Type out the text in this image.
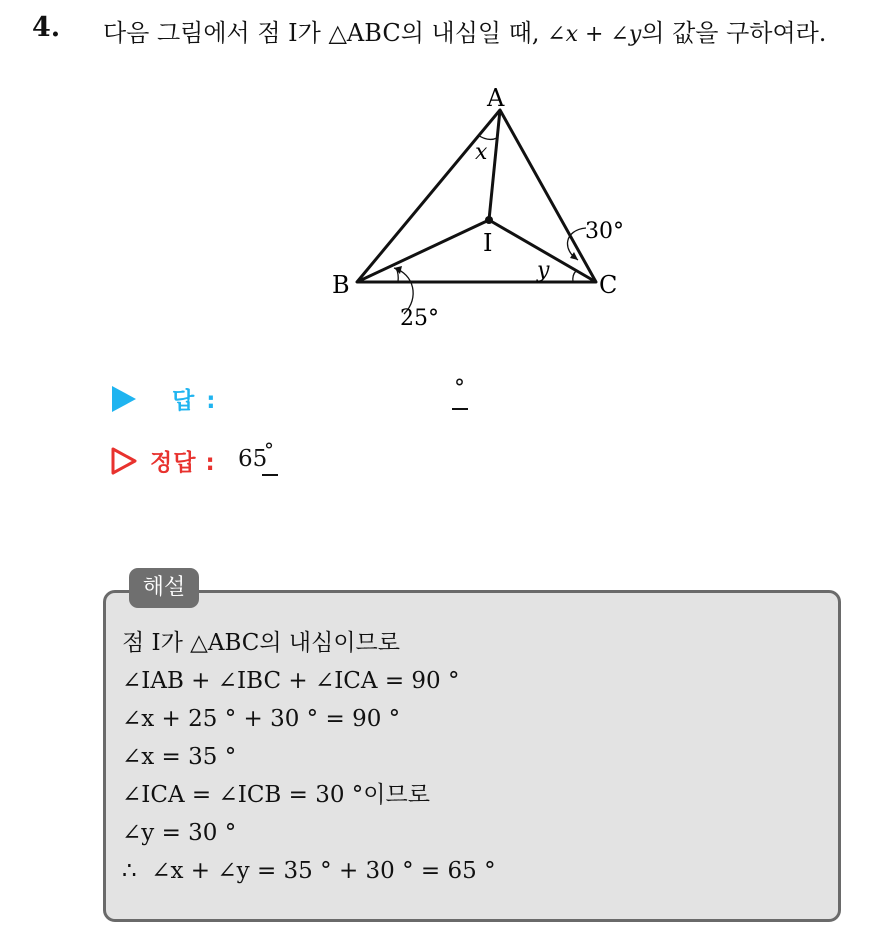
4. 다음 그림에서 점 I가 △ABC의 내심일 때, ∠x + ∠y의 값을 구하여라.
A
B	C
I
x
y
25°
30°
답 :	°
정답 : 65
°
해설
점 I가 △ABC의 내심이므로
∠IAB + ∠IBC + ∠ICA = 90 °
∠x + 25 ° + 30 ° = 90 °
∠x = 35 °
∠ICA = ∠ICB = 30 °이므로
∠y = 30 °
∴  ∠x + ∠y = 35 ° + 30 ° = 65 °
